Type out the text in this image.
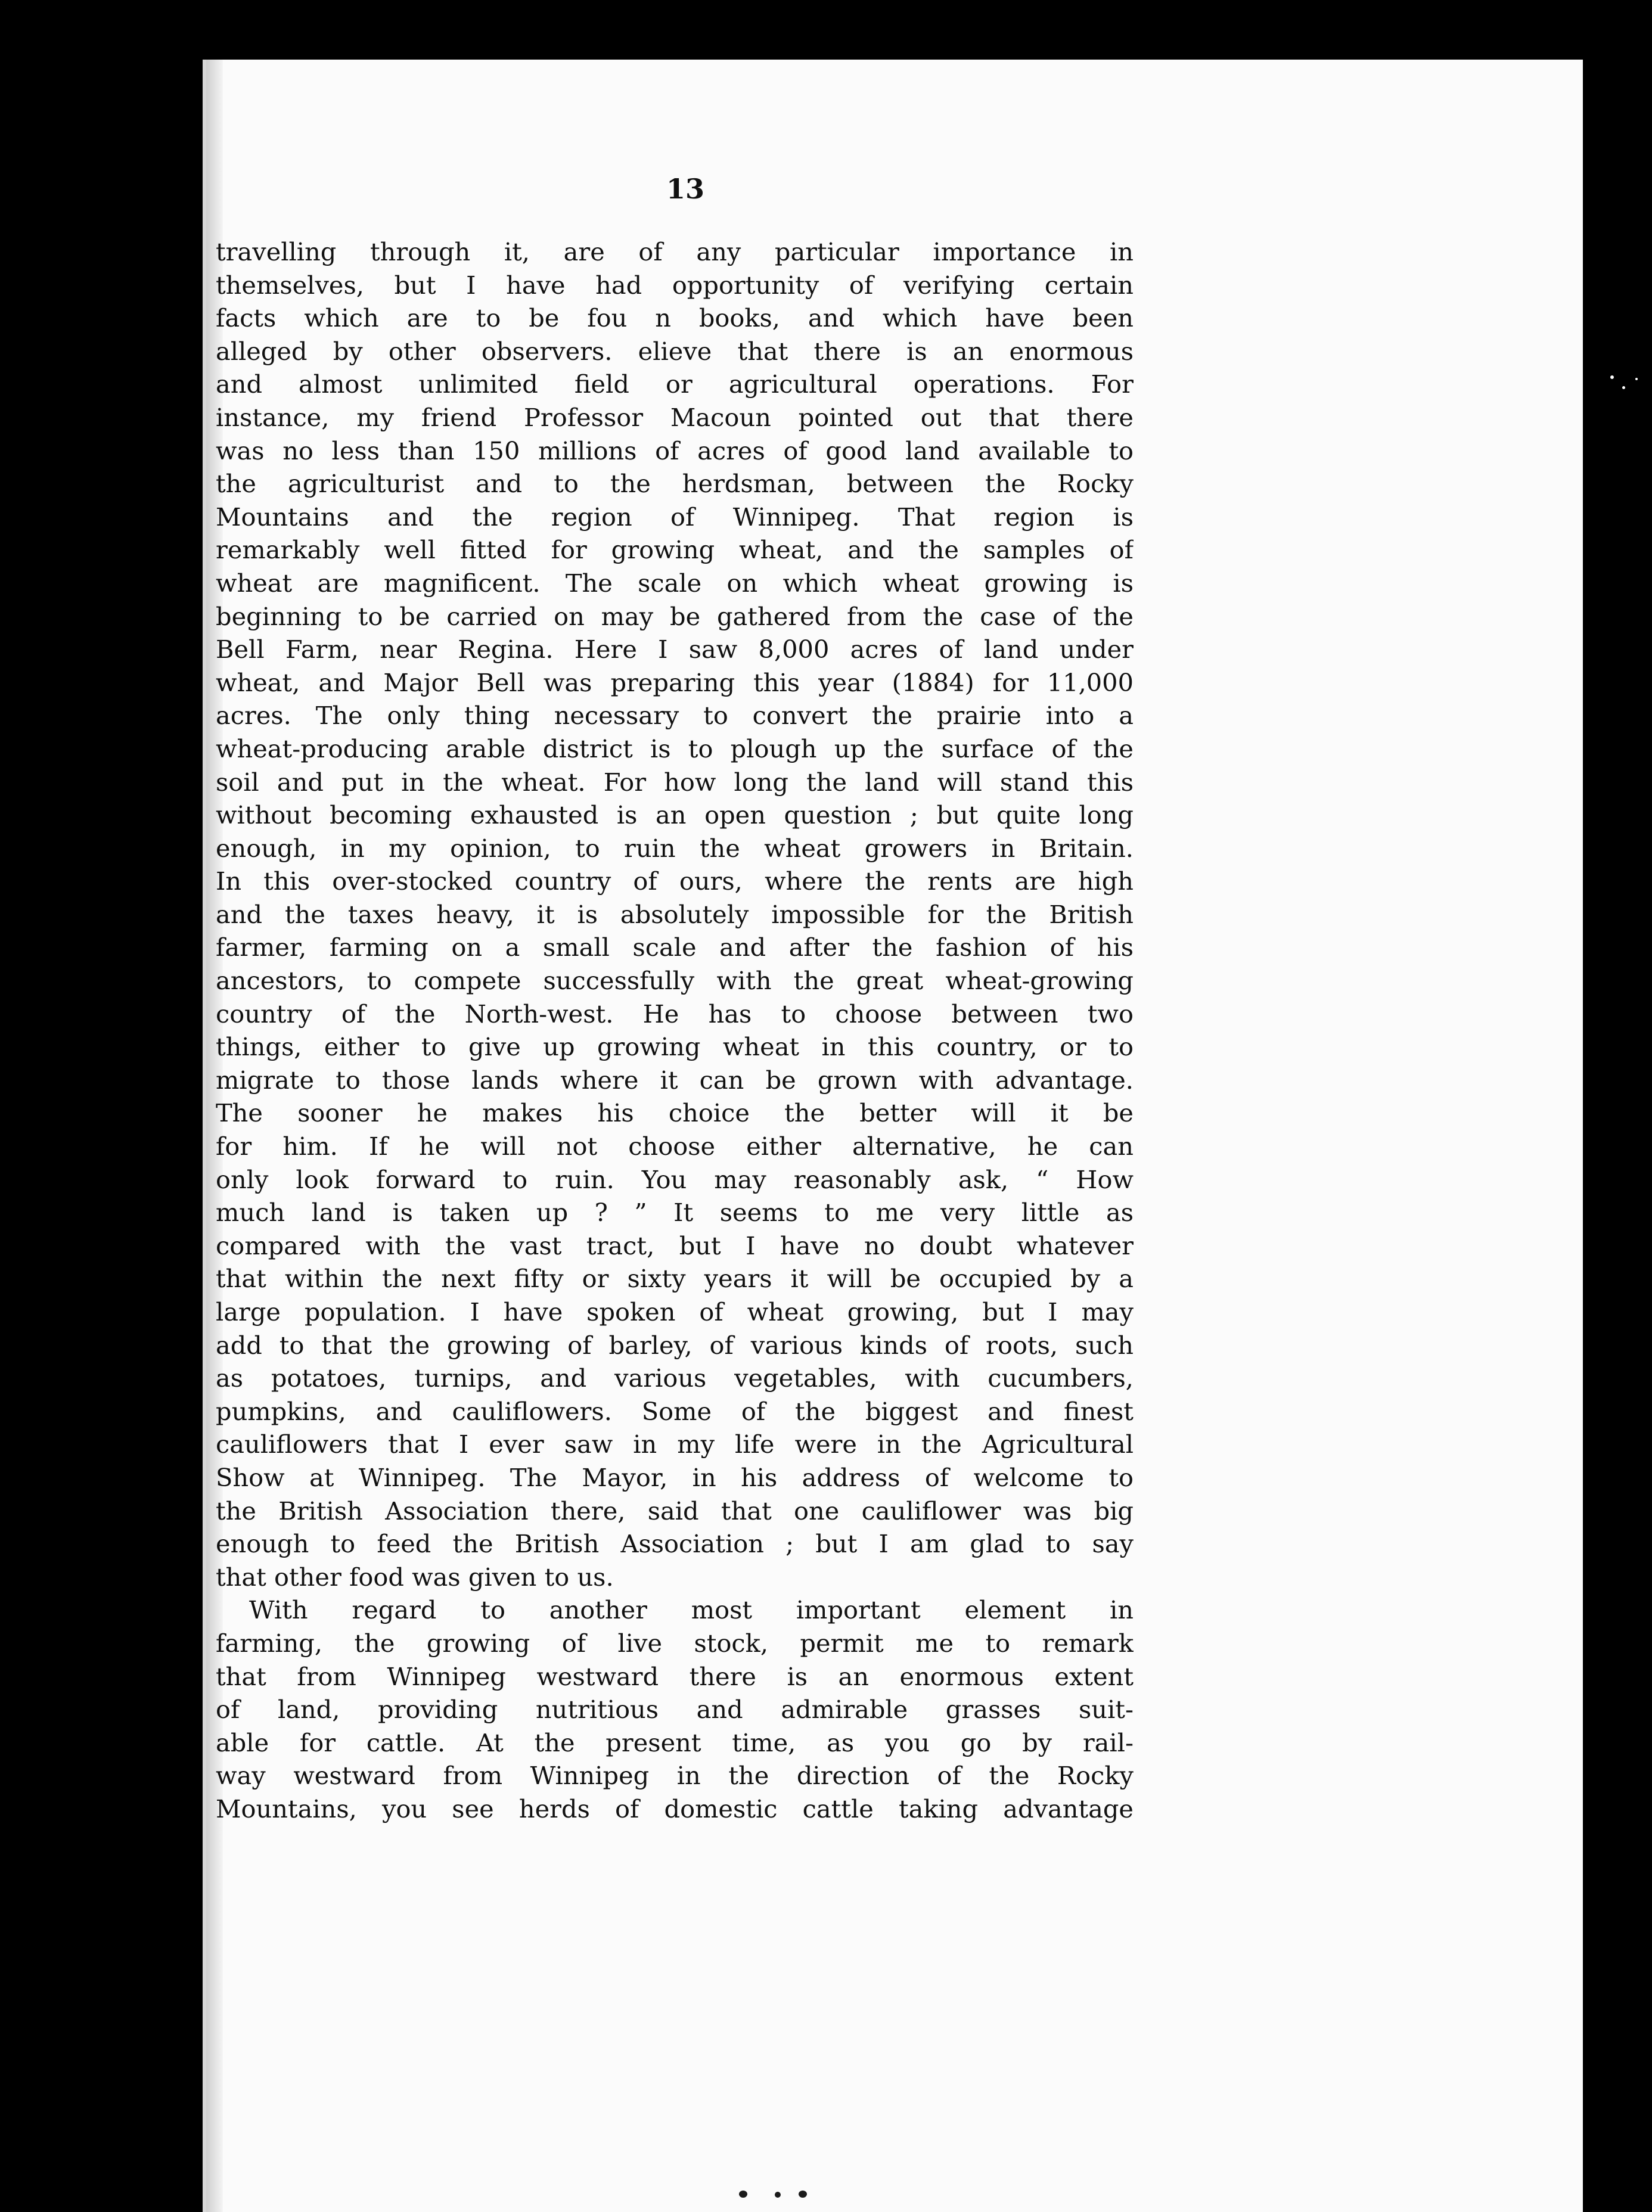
13
travelling through it, are of any particular importance in
themselves, but I have had opportunity of verifying certain
facts which are to be fou n books, and which have been
alleged by other observers. elieve that there is an enormous
and almost unlimited field or agricultural operations. For
instance, my friend Professor Macoun pointed out that there
was no less than 150 millions of acres of good land available to
the agriculturist and to the herdsman, between the Rocky
Mountains and the region of Winnipeg. That region is
remarkably well fitted for growing wheat, and the samples of
wheat are magnificent. The scale on which wheat growing is
beginning to be carried on may be gathered from the case of the
Bell Farm, near Regina. Here I saw 8,000 acres of land under
wheat, and Major Bell was preparing this year (1884) for 11,000
acres. The only thing necessary to convert the prairie into a
wheat-producing arable district is to plough up the surface of the
soil and put in the wheat. For how long the land will stand this
without becoming exhausted is an open question ; but quite long
enough, in my opinion, to ruin the wheat growers in Britain.
In this over-stocked country of ours, where the rents are high
and the taxes heavy, it is absolutely impossible for the British
farmer, farming on a small scale and after the fashion of his
ancestors, to compete successfully with the great wheat-growing
country of the North-west. He has to choose between two
things, either to give up growing wheat in this country, or to
migrate to those lands where it can be grown with advantage.
The sooner he makes his choice the better will it be
for him. If he will not choose either alternative, he can
only look forward to ruin. You may reasonably ask, “ How
much land is taken up ? ” It seems to me very little as
compared with the vast tract, but I have no doubt whatever
that within the next fifty or sixty years it will be occupied by a
large population. I have spoken of wheat growing, but I may
add to that the growing of barley, of various kinds of roots, such
as potatoes, turnips, and various vegetables, with cucumbers,
pumpkins, and cauliflowers. Some of the biggest and finest
cauliflowers that I ever saw in my life were in the Agricultural
Show at Winnipeg. The Mayor, in his address of welcome to
the British Association there, said that one cauliflower was big
enough to feed the British Association ; but I am glad to say
that other food was given to us.
With regard to another most important element in
farming, the growing of live stock, permit me to remark
that from Winnipeg westward there is an enormous extent
of land, providing nutritious and admirable grasses suit-
able for cattle. At the present time, as you go by rail-
way westward from Winnipeg in the direction of the Rocky
Mountains, you see herds of domestic cattle taking advantage
